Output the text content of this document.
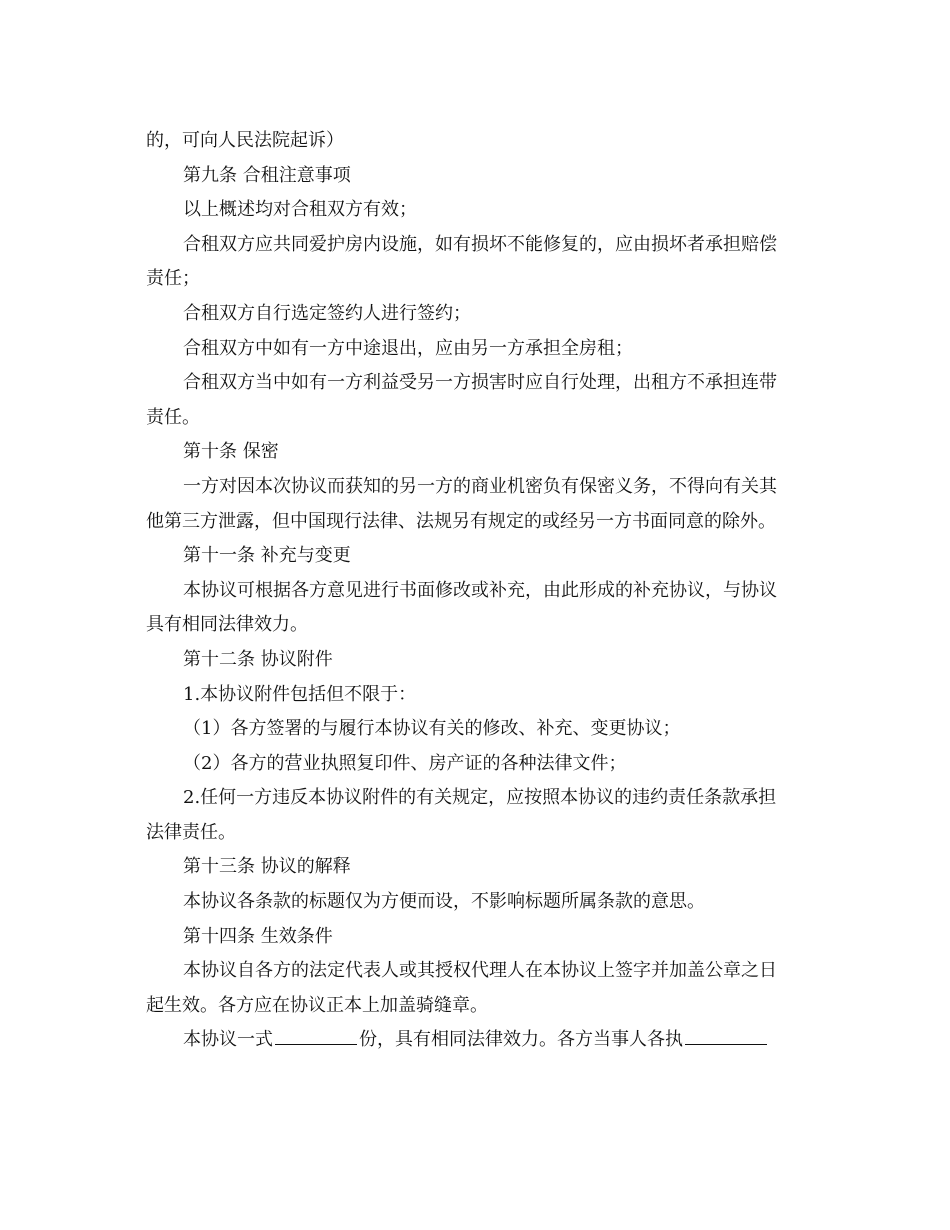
的，可向人民法院起诉）
第九条 合租注意事项
以上概述均对合租双方有效；
合租双方应共同爱护房内设施，如有损坏不能修复的，应由损坏者承担赔偿
责任；
合租双方自行选定签约人进行签约；
合租双方中如有一方中途退出，应由另一方承担全房租；
合租双方当中如有一方利益受另一方损害时应自行处理，出租方不承担连带
责任。
第十条 保密
一方对因本次协议而获知的另一方的商业机密负有保密义务，不得向有关其
他第三方泄露，但中国现行法律、法规另有规定的或经另一方书面同意的除外。
第十一条 补充与变更
本协议可根据各方意见进行书面修改或补充，由此形成的补充协议，与协议
具有相同法律效力。
第十二条 协议附件
1.本协议附件包括但不限于：
（1）各方签署的与履行本协议有关的修改、补充、变更协议；
（2）各方的营业执照复印件、房产证的各种法律文件；
2.任何一方违反本协议附件的有关规定，应按照本协议的违约责任条款承担
法律责任。
第十三条 协议的解释
本协议各条款的标题仅为方便而设，不影响标题所属条款的意思。
第十四条 生效条件
本协议自各方的法定代表人或其授权代理人在本协议上签字并加盖公章之日
起生效。各方应在协议正本上加盖骑缝章。
本协议一式	份，具有相同法律效力。各方当事人各执
